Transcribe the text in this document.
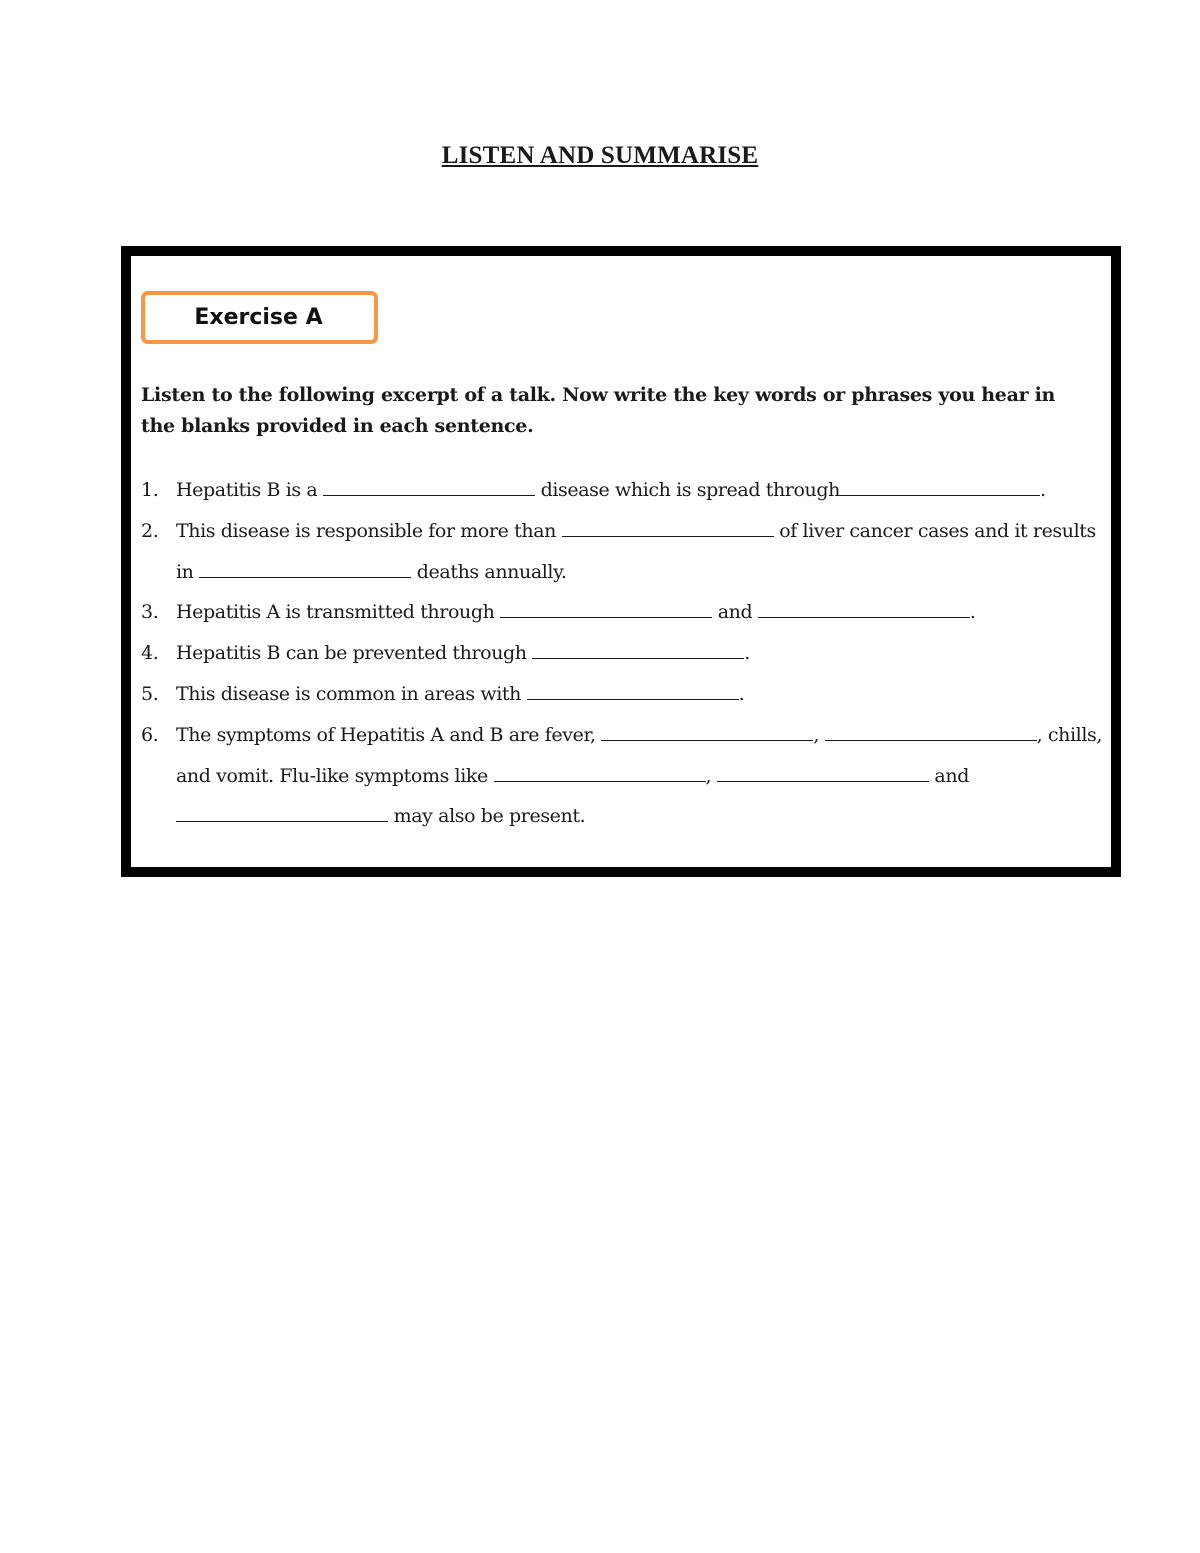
LISTEN AND SUMMARISE
Exercise A

Listen to the following excerpt of a talk. Now write the key words or phrases you hear in the blanks provided in each sentence.

1. Hepatitis B is a	disease which is spread through	.
2. This disease is responsible for more than	of liver cancer cases and it results in	deaths annually.
3. Hepatitis A is transmitted through	and	.
4. Hepatitis B can be prevented through	.
5. This disease is common in areas with	.
6. The symptoms of Hepatitis A and B are fever,	,	, chills, and vomit. Flu-like symptoms like	,	and  may also be present.
